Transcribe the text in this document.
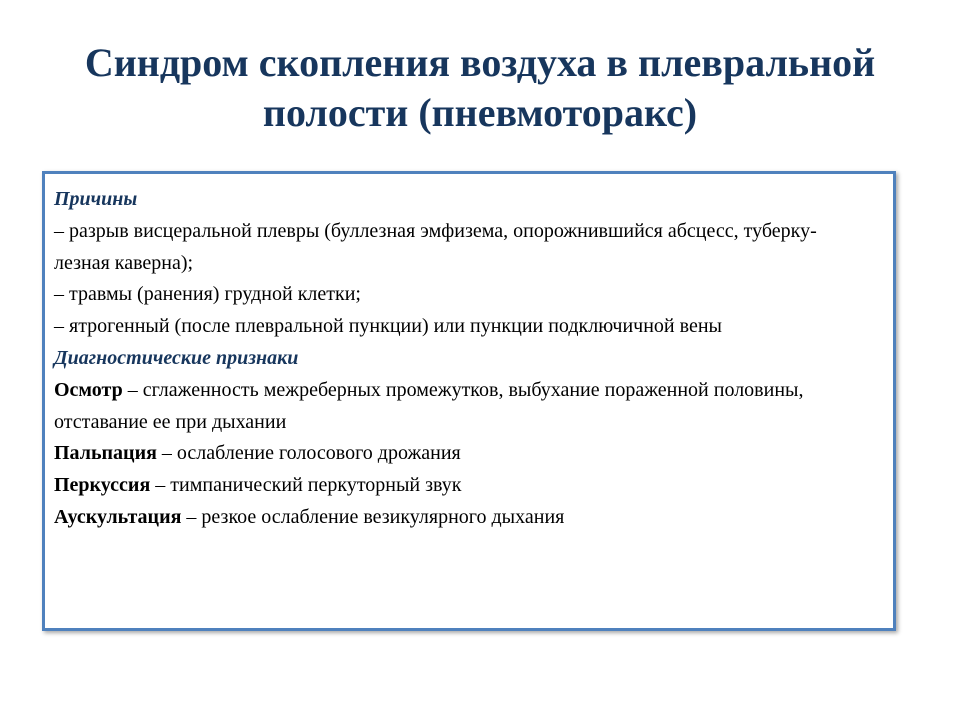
Синдром скопления воздуха в плевральной
полости (пневмоторакс)
Причины
– разрыв висцеральной плевры (буллезная эмфизема, опорожнившийся абсцесс, туберку-
лезная каверна);
– травмы (ранения) грудной клетки;
– ятрогенный (после плевральной пункции) или пункции подключичной вены
Диагностические признаки
Осмотр – сглаженность межреберных промежутков, выбухание пораженной половины,
отставание ее при дыхании
Пальпация – ослабление голосового дрожания
Перкуссия – тимпанический перкуторный звук
Аускультация – резкое ослабление везикулярного дыхания
